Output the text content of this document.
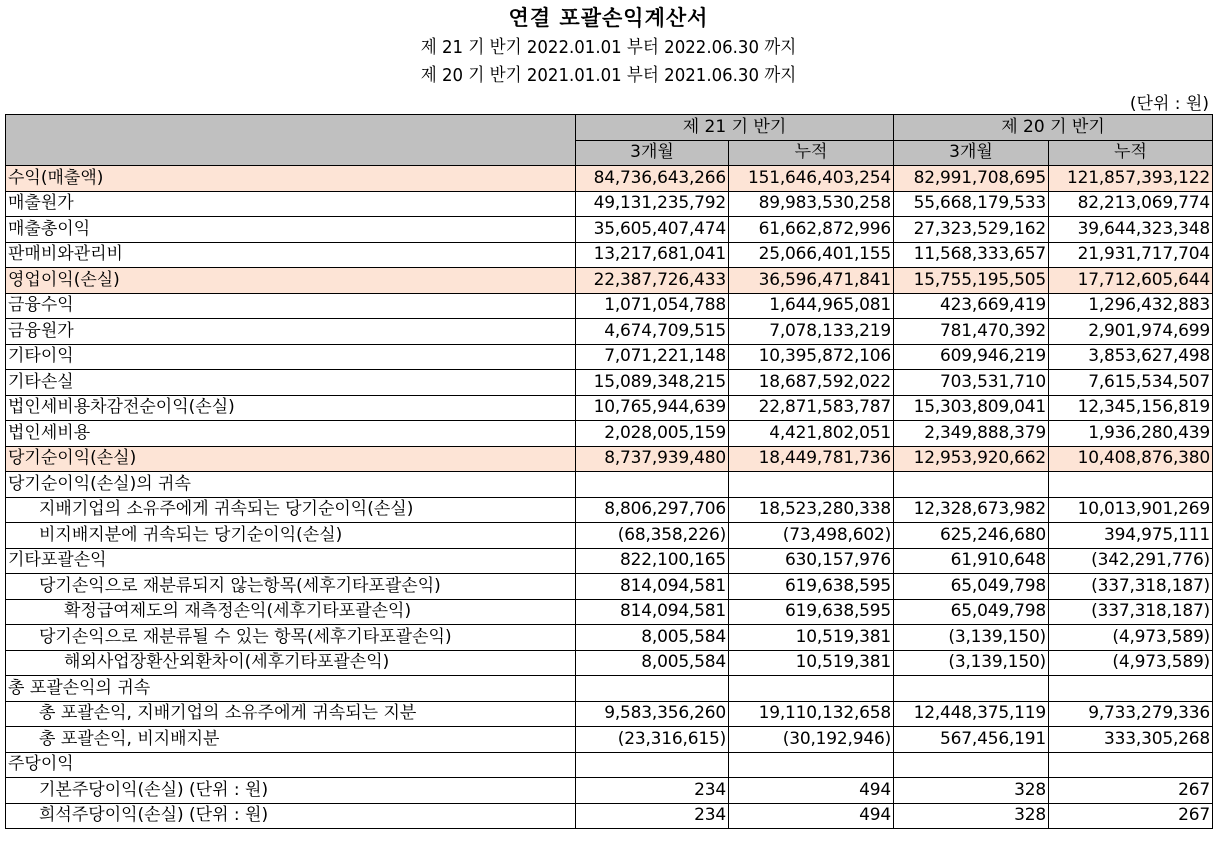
연결 포괄손익계산서
제 21 기 반기 2022.01.01 부터 2022.06.30 까지
제 20 기 반기 2021.01.01 부터 2021.06.30 까지
(단위 : 원)
	제 21 기 반기		제 20 기 반기	
	3개월	누적	3개월	누적
수익(매출액)	84,736,643,266	151,646,403,254	82,991,708,695	121,857,393,122
매출원가	49,131,235,792	89,983,530,258	55,668,179,533	82,213,069,774
매출총이익	35,605,407,474	61,662,872,996	27,323,529,162	39,644,323,348
판매비와관리비	13,217,681,041	25,066,401,155	11,568,333,657	21,931,717,704
영업이익(손실)	22,387,726,433	36,596,471,841	15,755,195,505	17,712,605,644
금융수익	1,071,054,788	1,644,965,081	423,669,419	1,296,432,883
금융원가	4,674,709,515	7,078,133,219	781,470,392	2,901,974,699
기타이익	7,071,221,148	10,395,872,106	609,946,219	3,853,627,498
기타손실	15,089,348,215	18,687,592,022	703,531,710	7,615,534,507
법인세비용차감전순이익(손실)	10,765,944,639	22,871,583,787	15,303,809,041	12,345,156,819
법인세비용	2,028,005,159	4,421,802,051	2,349,888,379	1,936,280,439
당기순이익(손실)	8,737,939,480	18,449,781,736	12,953,920,662	10,408,876,380
당기순이익(손실)의 귀속				
지배기업의 소유주에게 귀속되는 당기순이익(손실)	8,806,297,706	18,523,280,338	12,328,673,982	10,013,901,269
비지배지분에 귀속되는 당기순이익(손실)	(68,358,226)	(73,498,602)	625,246,680	394,975,111
기타포괄손익	822,100,165	630,157,976	61,910,648	(342,291,776)
당기손익으로 재분류되지 않는항목(세후기타포괄손익)	814,094,581	619,638,595	65,049,798	(337,318,187)
확정급여제도의 재측정손익(세후기타포괄손익)	814,094,581	619,638,595	65,049,798	(337,318,187)
당기손익으로 재분류될 수 있는 항목(세후기타포괄손익)	8,005,584	10,519,381	(3,139,150)	(4,973,589)
해외사업장환산외환차이(세후기타포괄손익)	8,005,584	10,519,381	(3,139,150)	(4,973,589)
총 포괄손익의 귀속				
총 포괄손익, 지배기업의 소유주에게 귀속되는 지분	9,583,356,260	19,110,132,658	12,448,375,119	9,733,279,336
총 포괄손익, 비지배지분	(23,316,615)	(30,192,946)	567,456,191	333,305,268
주당이익				
기본주당이익(손실) (단위 : 원)	234	494	328	267
희석주당이익(손실) (단위 : 원)	234	494	328	267
